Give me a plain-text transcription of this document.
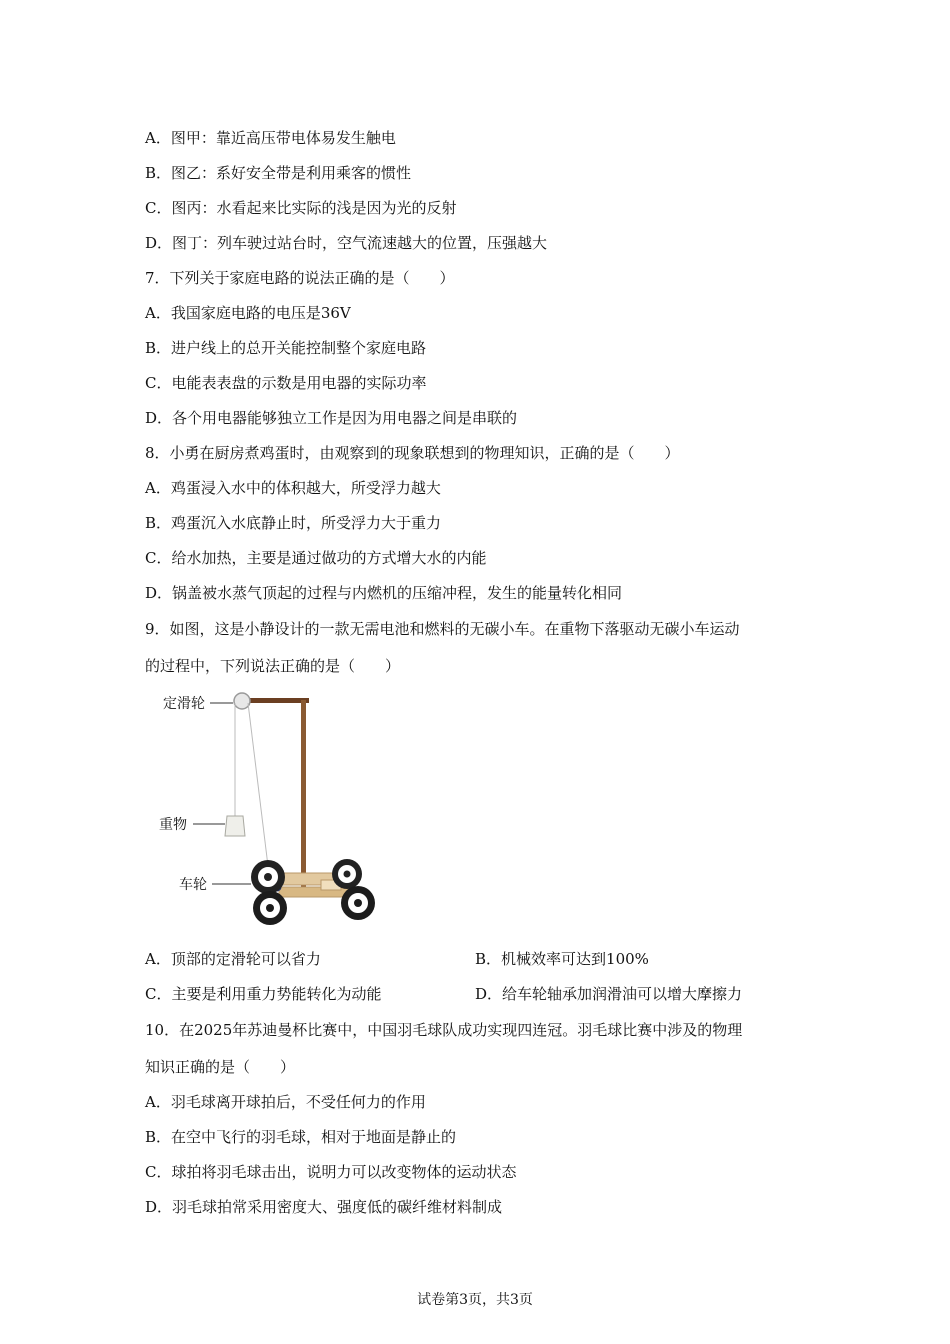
A．图甲：靠近高压带电体易发生触电
B．图乙：系好安全带是利用乘客的惯性
C．图丙：水看起来比实际的浅是因为光的反射
D．图丁：列车驶过站台时，空气流速越大的位置，压强越大
7．下列关于家庭电路的说法正确的是（　　）
A．我国家庭电路的电压是36V
B．进户线上的总开关能控制整个家庭电路
C．电能表表盘的示数是用电器的实际功率
D．各个用电器能够独立工作是因为用电器之间是串联的
8．小勇在厨房煮鸡蛋时，由观察到的现象联想到的物理知识，正确的是（　　）
A．鸡蛋浸入水中的体积越大，所受浮力越大
B．鸡蛋沉入水底静止时，所受浮力大于重力
C．给水加热，主要是通过做功的方式增大水的内能
D．锅盖被水蒸气顶起的过程与内燃机的压缩冲程，发生的能量转化相同
9．如图，这是小静设计的一款无需电池和燃料的无碳小车。在重物下落驱动无碳小车运动
的过程中，下列说法正确的是（　　）
定滑轮
重物
车轮
A．顶部的定滑轮可以省力	B．机械效率可达到100%
C．主要是利用重力势能转化为动能	D．给车轮轴承加润滑油可以增大摩擦力
10．在2025年苏迪曼杯比赛中，中国羽毛球队成功实现四连冠。羽毛球比赛中涉及的物理
知识正确的是（　　）
A．羽毛球离开球拍后，不受任何力的作用
B．在空中飞行的羽毛球，相对于地面是静止的
C．球拍将羽毛球击出，说明力可以改变物体的运动状态
D．羽毛球拍常采用密度大、强度低的碳纤维材料制成
试卷第3页，共3页
